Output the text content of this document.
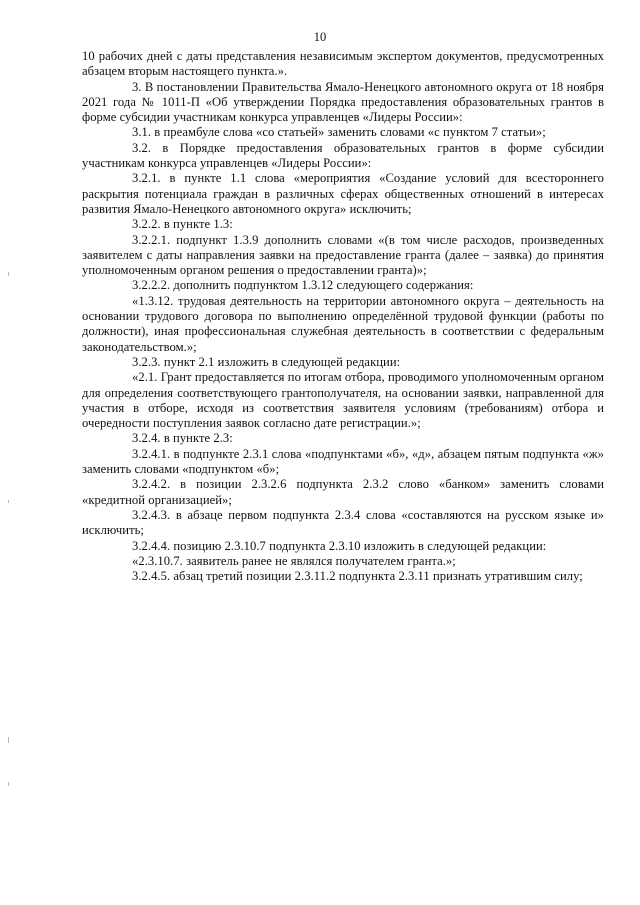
10

10 рабочих дней с даты представления независимым экспертом документов, предусмотренных абзацем вторым настоящего пункта.».

3. В постановлении Правительства Ямало-Ненецкого автономного округа от 18 ноября 2021 года № 1011-П «Об утверждении Порядка предоставления образовательных грантов в форме субсидии участникам конкурса управленцев «Лидеры России»:

3.1. в преамбуле слова «со статьей» заменить словами «с пунктом 7 статьи»;

3.2. в Порядке предоставления образовательных грантов в форме субсидии участникам конкурса управленцев «Лидеры России»:

3.2.1. в пункте 1.1 слова «мероприятия «Создание условий для всестороннего раскрытия потенциала граждан в различных сферах общественных отношений в интересах развития Ямало-Ненецкого автономного округа» исключить;

3.2.2. в пункте 1.3:

3.2.2.1. подпункт 1.3.9 дополнить словами «(в том числе расходов, произведенных заявителем с даты направления заявки на предоставление гранта (далее – заявка) до принятия уполномоченным органом решения о предоставлении гранта)»;

3.2.2.2. дополнить подпунктом 1.3.12 следующего содержания:

«1.3.12. трудовая деятельность на территории автономного округа – деятельность на основании трудового договора по выполнению определённой трудовой функции (работы по должности), иная профессиональная служебная деятельность в соответствии с федеральным законодательством.»;

3.2.3. пункт 2.1 изложить в следующей редакции:

«2.1. Грант предоставляется по итогам отбора, проводимого уполномоченным органом для определения соответствующего грантополучателя, на основании заявки, направленной для участия в отборе, исходя из соответствия заявителя условиям (требованиям) отбора и очередности поступления заявок согласно дате регистрации.»;

3.2.4. в пункте 2.3:

3.2.4.1. в подпункте 2.3.1 слова «подпунктами «б», «д», абзацем пятым подпункта «ж» заменить словами «подпунктом «б»;

3.2.4.2. в позиции 2.3.2.6 подпункта 2.3.2 слово «банком» заменить словами «кредитной организацией»;

3.2.4.3. в абзаце первом подпункта 2.3.4 слова «составляются на русском языке и» исключить;

3.2.4.4. позицию 2.3.10.7 подпункта 2.3.10 изложить в следующей редакции:

«2.3.10.7. заявитель ранее не являлся получателем гранта.»;

3.2.4.5. абзац третий позиции 2.3.11.2 подпункта 2.3.11 признать утратившим силу;
